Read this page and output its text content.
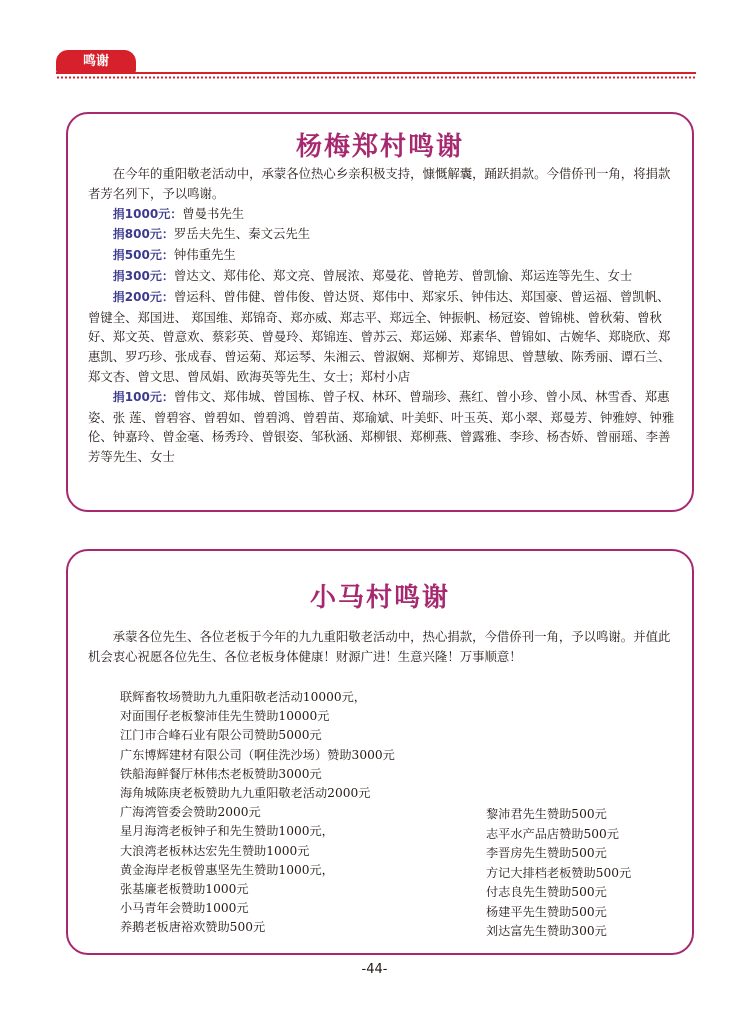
鸣谢
杨梅郑村鸣谢

在今年的重阳敬老活动中，承蒙各位热心乡亲积极支持，慷慨解囊，踊跃捐款。今借侨刊一角，将捐款者芳名列下，予以鸣谢。

捐1000元：曾曼书先生

捐800元：罗岳夫先生、秦文云先生

捐500元：钟伟重先生

捐300元：曾达文、郑伟伦、郑文亮、曾展浓、郑曼花、曾艳芳、曾凯愉、郑运连等先生、女士

捐200元：曾运科、曾伟健、曾伟俊、曾达贤、郑伟中、郑家乐、钟伟达、郑国豪、曾运福、曾凯帆、曾键全、郑国进、 郑国维、郑锦奇、郑亦威、郑志平、郑远全、钟振帆、杨冠姿、曾锦桃、曾秋菊、曾秋好、郑文英、曾意欢、蔡彩英、曾曼玲、郑锦连、曾苏云、郑运娣、郑素华、曾锦如、古婉华、郑晓欣、郑惠凯、罗巧珍、张成春、曾运菊、郑运琴、朱湘云、曾淑娴、郑柳芳、郑锦思、曾慧敏、陈秀丽、谭石兰、郑文杏、曾文思、曾凤娟、欧海英等先生、女士；郑村小店

捐100元：曾伟文、郑伟城、曾国栋、曾子权、林环、曾瑞珍、燕红、曾小珍、曾小凤、林雪香、郑惠姿、张 莲、曾碧容、曾碧如、曾碧鸿、曾碧苗、郑瑜斌、叶美虾、叶玉英、郑小翠、郑曼芳、钟雅婷、钟雅伦、钟嘉玲、曾金毫、杨秀玲、曾银姿、邹秋涵、郑柳银、郑柳燕、曾露雅、李珍、杨杏娇、曾丽瑶、李善芳等先生、女士

小马村鸣谢

承蒙各位先生、各位老板于今年的九九重阳敬老活动中，热心捐款，今借侨刊一角，予以鸣谢。并值此机会衷心祝愿各位先生、各位老板身体健康！财源广进！生意兴隆！万事顺意！

联辉畜牧场赞助九九重阳敬老活动10000元，
对面围仔老板黎沛佳先生赞助10000元
江门市合峰石业有限公司赞助5000元
广东博辉建材有限公司（啊佳洗沙场）赞助3000元
铁船海鲜餐厅林伟杰老板赞助3000元
海角城陈庚老板赞助九九重阳敬老活动2000元
广海湾管委会赞助2000元
星月海湾老板钟子和先生赞助1000元，
大浪湾老板林达宏先生赞助1000元
黄金海岸老板曾惠坚先生赞助1000元，
张基廉老板赞助1000元
小马青年会赞助1000元
养鹅老板唐裕欢赞助500元
黎沛君先生赞助500元
志平水产品店赞助500元
李晋房先生赞助500元
方记大排档老板赞助500元
付志良先生赞助500元
杨建平先生赞助500元
刘达富先生赞助300元
-44-
